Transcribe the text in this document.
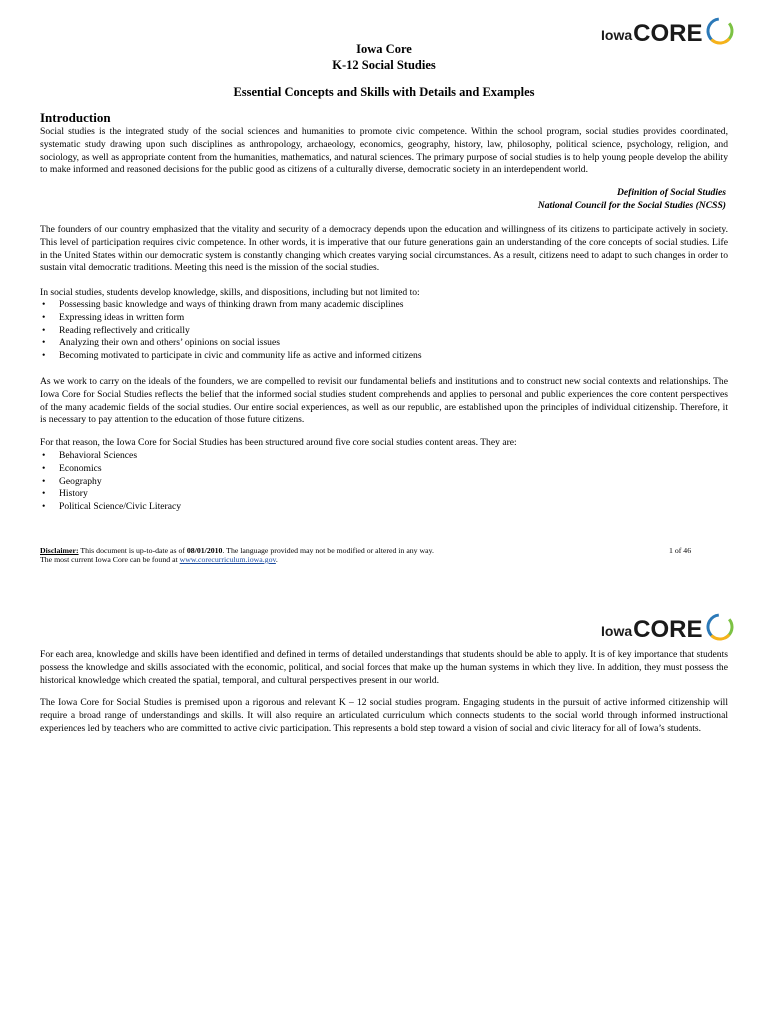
Iowa CORE
Iowa Core
K-12 Social Studies
Essential Concepts and Skills with Details and Examples
Introduction
Social studies is the integrated study of the social sciences and humanities to promote civic competence. Within the school program, social studies provides coordinated, systematic study drawing upon such disciplines as anthropology, archaeology, economics, geography, history, law, philosophy, political science, psychology, religion, and sociology, as well as appropriate content from the humanities, mathematics, and natural sciences. The primary purpose of social studies is to help young people develop the ability to make informed and reasoned decisions for the public good as citizens of a culturally diverse, democratic society in an interdependent world.
Definition of Social Studies
National Council for the Social Studies (NCSS)
The founders of our country emphasized that the vitality and security of a democracy depends upon the education and willingness of its citizens to participate actively in society. This level of participation requires civic competence. In other words, it is imperative that our future generations gain an understanding of the core concepts of social studies. Life in the United States within our democratic system is constantly changing which creates varying social circumstances. As a result, citizens need to adapt to such changes in order to sustain vital democratic traditions. Meeting this need is the mission of the social studies.
In social studies, students develop knowledge, skills, and dispositions, including but not limited to:
• Possessing basic knowledge and ways of thinking drawn from many academic disciplines
• Expressing ideas in written form
• Reading reflectively and critically
• Analyzing their own and others’ opinions on social issues
• Becoming motivated to participate in civic and community life as active and informed citizens
As we work to carry on the ideals of the founders, we are compelled to revisit our fundamental beliefs and institutions and to construct new social contexts and relationships. The Iowa Core for Social Studies reflects the belief that the informed social studies student comprehends and applies to personal and public experiences the core content perspectives of the many academic fields of the social studies. Our entire social experiences, as well as our republic, are established upon the principles of individual citizenship. Therefore, it is necessary to pay attention to the education of those future citizens.
For that reason, the Iowa Core for Social Studies has been structured around five core social studies content areas. They are:
• Behavioral Sciences
• Economics
• Geography
• History
• Political Science/Civic Literacy
Disclaimer: This document is up-to-date as of 08/01/2010. The language provided may not be modified or altered in any way.
The most current Iowa Core can be found at www.corecurriculum.iowa.gov.
1 of 46
Iowa CORE
For each area, knowledge and skills have been identified and defined in terms of detailed understandings that students should be able to apply. It is of key importance that students possess the knowledge and skills associated with the economic, political, and social forces that make up the human systems in which they live. In addition, they must possess the historical knowledge which created the spatial, temporal, and cultural perspectives present in our world.
The Iowa Core for Social Studies is premised upon a rigorous and relevant K – 12 social studies program. Engaging students in the pursuit of active informed citizenship will require a broad range of understandings and skills. It will also require an articulated curriculum which connects students to the social world through informed instructional experiences led by teachers who are committed to active civic participation. This represents a bold step toward a vision of social and civic literacy for all of Iowa’s students.
